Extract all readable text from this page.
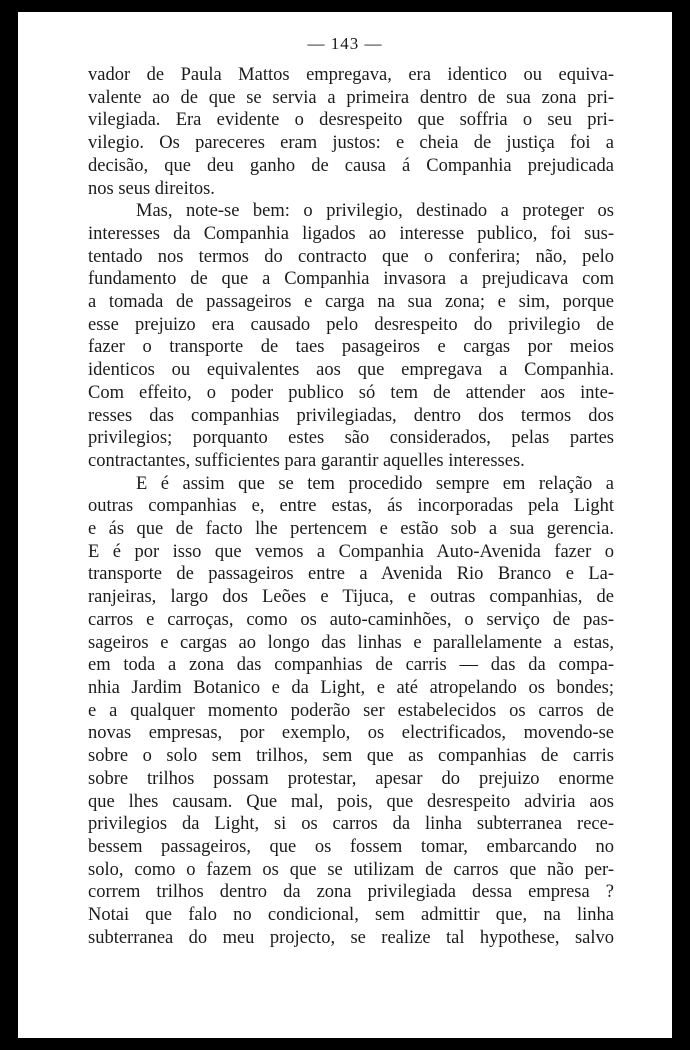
— 143 —
vador de Paula Mattos empregava, era identico ou equiva-
valente ao de que se servia a primeira dentro de sua zona pri-
vilegiada. Era evidente o desrespeito que soffria o seu pri-
vilegio. Os pareceres eram justos: e cheia de justiça foi a
decisão, que deu ganho de causa á Companhia prejudicada
nos seus direitos.
Mas, note-se bem: o privilegio, destinado a proteger os
interesses da Companhia ligados ao interesse publico, foi sus-
tentado nos termos do contracto que o conferira; não, pelo
fundamento de que a Companhia invasora a prejudicava com
a tomada de passageiros e carga na sua zona; e sim, porque
esse prejuizo era causado pelo desrespeito do privilegio de
fazer o transporte de taes pasageiros e cargas por meios
identicos ou equivalentes aos que empregava a Companhia.
Com effeito, o poder publico só tem de attender aos inte-
resses das companhias privilegiadas, dentro dos termos dos
privilegios; porquanto estes são considerados, pelas partes
contractantes, sufficientes para garantir aquelles interesses.
E é assim que se tem procedido sempre em relação a
outras companhias e, entre estas, ás incorporadas pela Light
e ás que de facto lhe pertencem e estão sob a sua gerencia.
E é por isso que vemos a Companhia Auto-Avenida fazer o
transporte de passageiros entre a Avenida Rio Branco e La-
ranjeiras, largo dos Leões e Tijuca, e outras companhias, de
carros e carroças, como os auto-caminhões, o serviço de pas-
sageiros e cargas ao longo das linhas e parallelamente a estas,
em toda a zona das companhias de carris — das da compa-
nhia Jardim Botanico e da Light, e até atropelando os bondes;
e a qualquer momento poderão ser estabelecidos os carros de
novas empresas, por exemplo, os electrificados, movendo-se
sobre o solo sem trilhos, sem que as companhias de carris
sobre trilhos possam protestar, apesar do prejuizo enorme
que lhes causam. Que mal, pois, que desrespeito adviria aos
privilegios da Light, si os carros da linha subterranea rece-
bessem passageiros, que os fossem tomar, embarcando no
solo, como o fazem os que se utilizam de carros que não per-
correm trilhos dentro da zona privilegiada dessa empresa ?
Notai que falo no condicional, sem admittir que, na linha
subterranea do meu projecto, se realize tal hypothese, salvo
